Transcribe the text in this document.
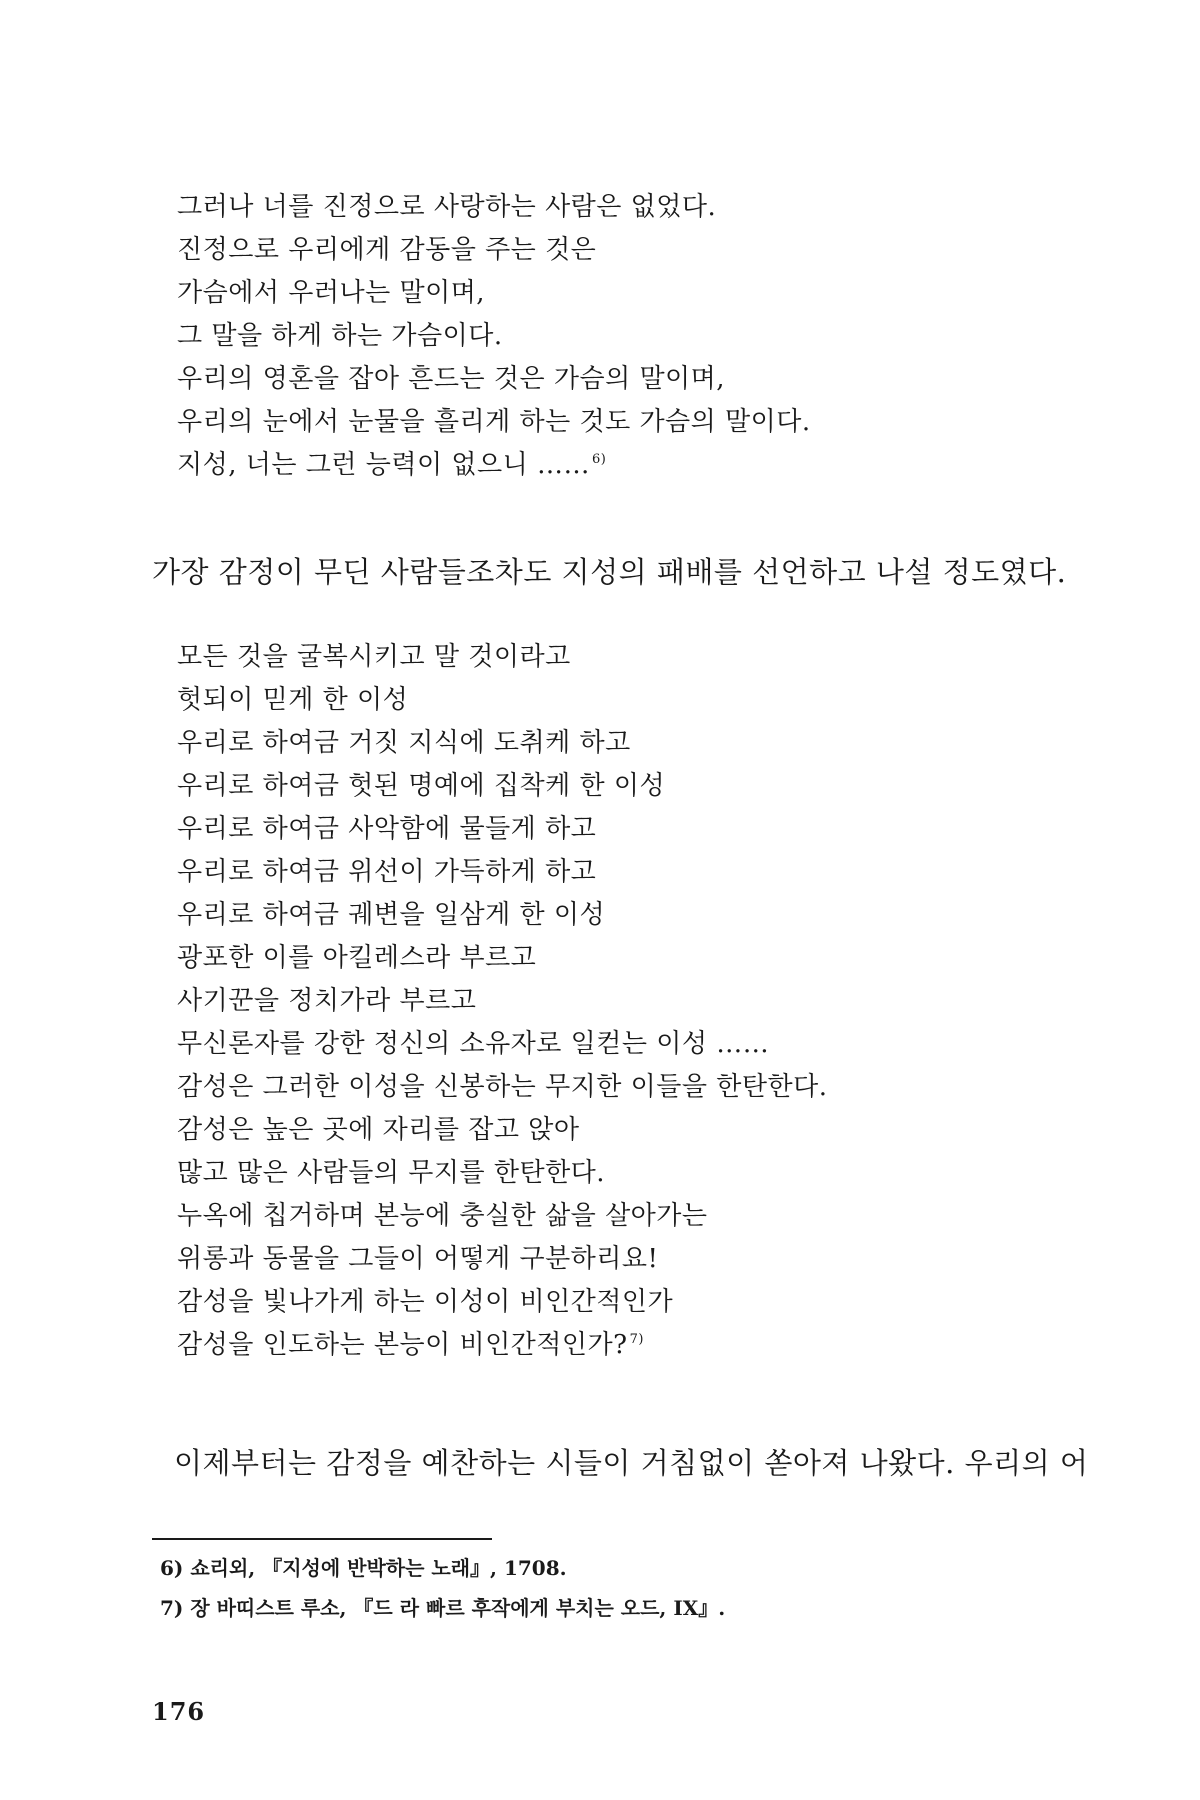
그러나 너를 진정으로 사랑하는 사람은 없었다.
진정으로 우리에게 감동을 주는 것은
가슴에서 우러나는 말이며,
그 말을 하게 하는 가슴이다.
우리의 영혼을 잡아 흔드는 것은 가슴의 말이며,
우리의 눈에서 눈물을 흘리게 하는 것도 가슴의 말이다.
지성, 너는 그런 능력이 없으니 …… $^{6)}$

가장 감정이 무딘 사람들조차도 지성의 패배를 선언하고 나설 정도였다.

모든 것을 굴복시키고 말 것이라고
헛되이 믿게 한 이성
우리로 하여금 거짓 지식에 도취케 하고
우리로 하여금 헛된 명예에 집착케 한 이성
우리로 하여금 사악함에 물들게 하고
우리로 하여금 위선이 가득하게 하고
우리로 하여금 궤변을 일삼게 한 이성
광포한 이를 아킬레스라 부르고
사기꾼을 정치가라 부르고
무신론자를 강한 정신의 소유자로 일컫는 이성 ……
감성은 그러한 이성을 신봉하는 무지한 이들을 한탄한다.
감성은 높은 곳에 자리를 잡고 앉아
많고 많은 사람들의 무지를 한탄한다.
누옥에 칩거하며 본능에 충실한 삶을 살아가는
위롱과 동물을 그들이 어떻게 구분하리요!
감성을 빛나가게 하는 이성이 비인간적인가
감성을 인도하는 본능이 비인간적인가? $^{7)}$

이제부터는 감정을 예찬하는 시들이 거침없이 쏟아져 나왔다. 우리의 어

6) 쇼리외, 『지성에 반박하는 노래』, 1708.
7) 장 바띠스트 루소, 『드 라 빠르 후작에게 부치는 오드, IX』.
176
